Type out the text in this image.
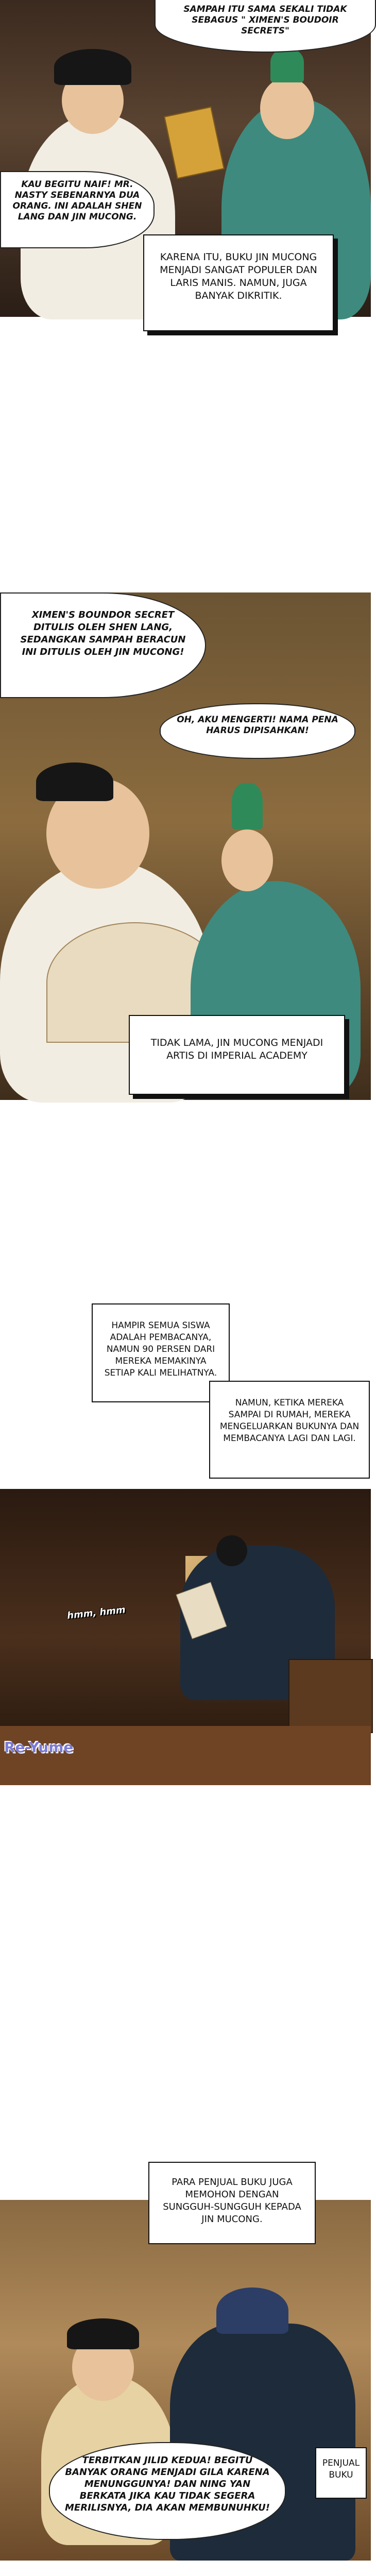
SAMPAH ITU SAMA SEKALI TIDAK SEBAGUS " XIMEN'S BOUDOIR SECRETS"
KAU BEGITU NAIF! MR. NASTY SEBENARNYA DUA ORANG. INI ADALAH SHEN LANG DAN JIN MUCONG.
KARENA ITU, BUKU JIN MUCONG MENJADI SANGAT POPULER DAN LARIS MANIS. NAMUN, JUGA BANYAK DIKRITIK.
XIMEN'S BOUNDOR SECRET DITULIS OLEH SHEN LANG, SEDANGKAN SAMPAH BERACUN INI DITULIS OLEH JIN MUCONG!
OH, AKU MENGERTI! NAMA PENA HARUS DIPISAHKAN!
TIDAK LAMA, JIN MUCONG MENJADI ARTIS DI IMPERIAL ACADEMY
HAMPIR SEMUA SISWA ADALAH PEMBACANYA, NAMUN 90 PERSEN DARI MEREKA MEMAKINYA SETIAP KALI MELIHATNYA.
NAMUN, KETIKA MEREKA SAMPAI DI RUMAH, MEREKA MENGELUARKAN BUKUNYA DAN MEMBACANYA LAGI DAN LAGI.
hmm, hmm
Re-Yume
PARA PENJUAL BUKU JUGA MEMOHON DENGAN SUNGGUH-SUNGGUH KEPADA JIN MUCONG.
TERBITKAN JILID KEDUA! BEGITU BANYAK ORANG MENJADI GILA KARENA MENUNGGUNYA! DAN NING YAN BERKATA JIKA KAU TIDAK SEGERA MERILISNYA, DIA AKAN MEMBUNUHKU!
PENJUAL BUKU
